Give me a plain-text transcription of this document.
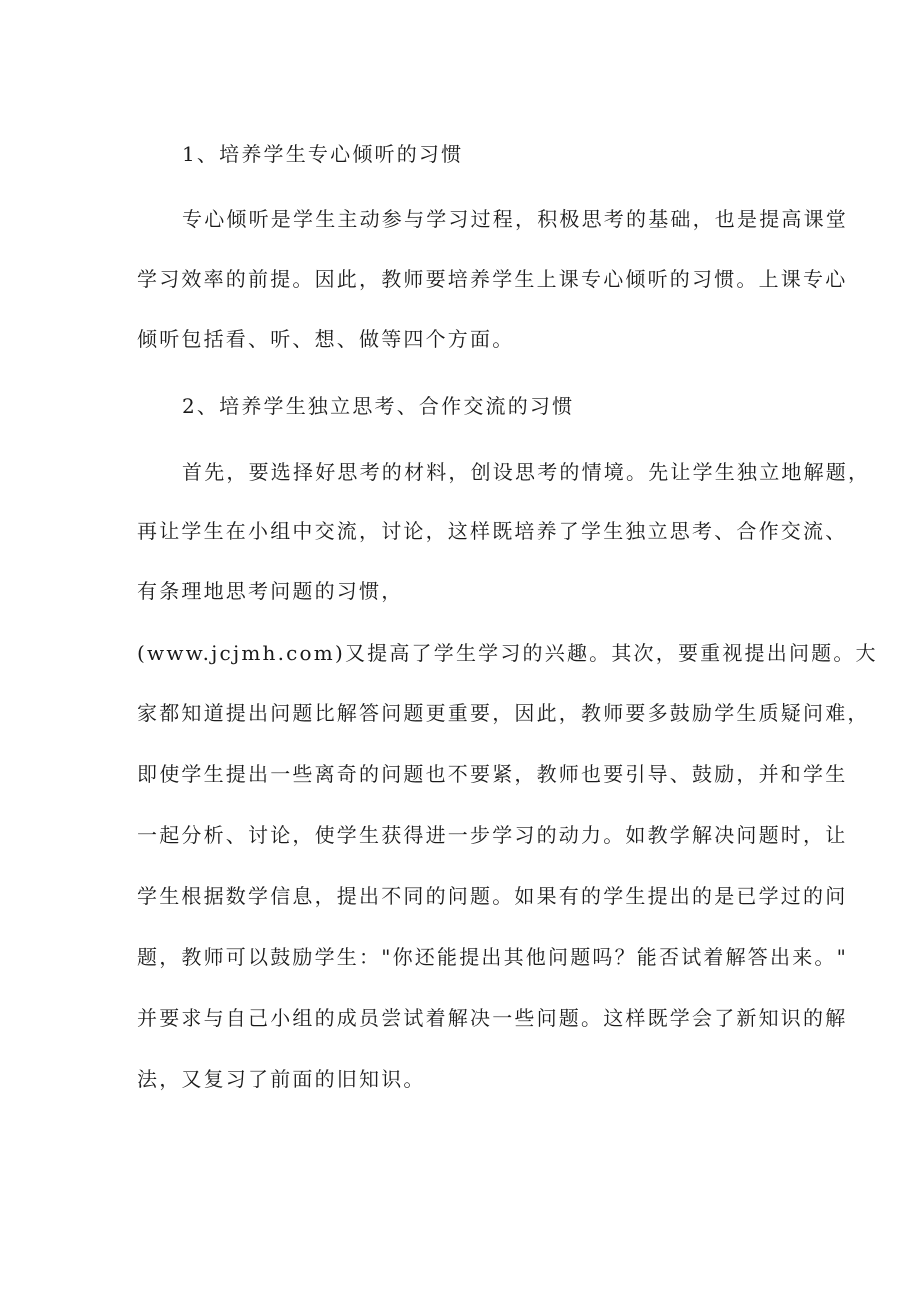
1、培养学生专心倾听的习惯

专心倾听是学生主动参与学习过程，积极思考的基础，也是提高课堂

学习效率的前提。因此，教师要培养学生上课专心倾听的习惯。上课专心

倾听包括看、听、想、做等四个方面。

2、培养学生独立思考、合作交流的习惯

首先，要选择好思考的材料，创设思考的情境。先让学生独立地解题，

再让学生在小组中交流，讨论，这样既培养了学生独立思考、合作交流、

有条理地思考问题的习惯，

(www.jcjmh.com)又提高了学生学习的兴趣。其次，要重视提出问题。大

家都知道提出问题比解答问题更重要，因此，教师要多鼓励学生质疑问难，

即使学生提出一些离奇的问题也不要紧，教师也要引导、鼓励，并和学生

一起分析、讨论，使学生获得进一步学习的动力。如教学解决问题时，让

学生根据数学信息，提出不同的问题。如果有的学生提出的是已学过的问

题，教师可以鼓励学生："你还能提出其他问题吗？能否试着解答出来。"

并要求与自己小组的成员尝试着解决一些问题。这样既学会了新知识的解

法，又复习了前面的旧知识。
